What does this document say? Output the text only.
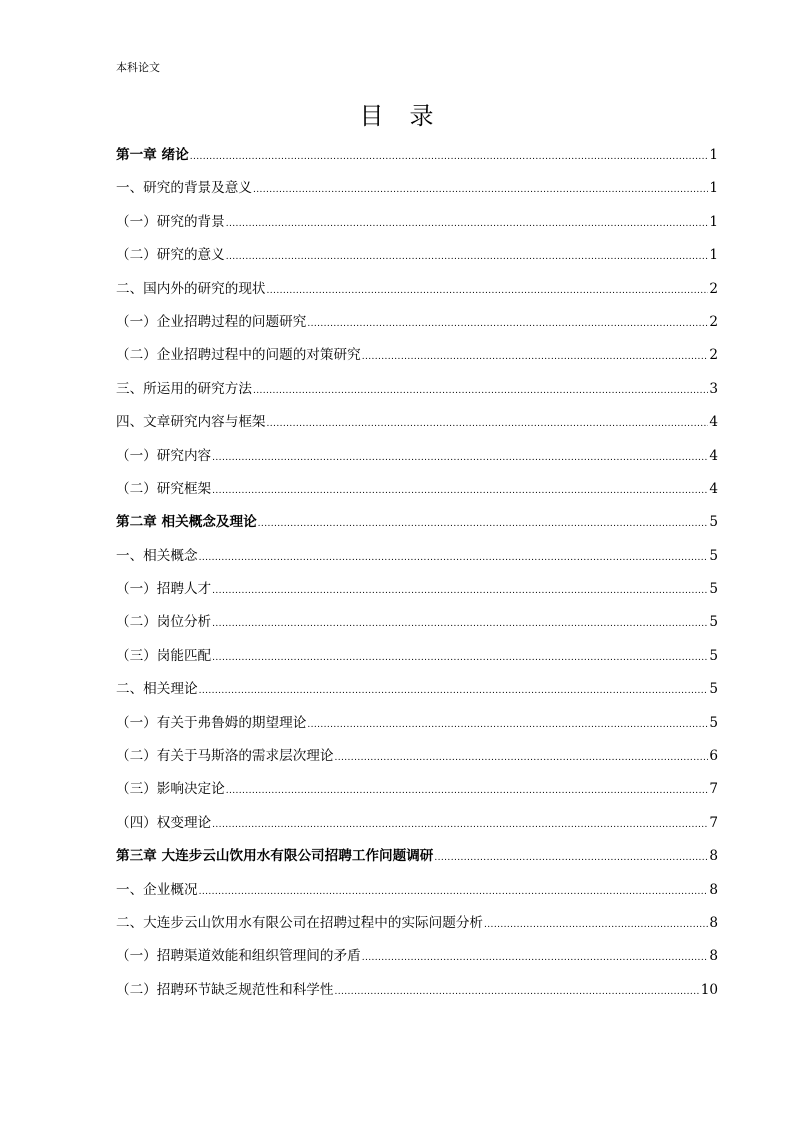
本科论文
目 录
第一章 绪论 .....	1
一、研究的背景及意义 .....	1
（一）研究的背景 .....	1
（二）研究的意义 .....	1
二、国内外的研究的现状 .....	2
（一）企业招聘过程的问题研究 .....	2
（二）企业招聘过程中的问题的对策研究 .....	2
三、所运用的研究方法 .....	3
四、文章研究内容与框架 .....	4
（一）研究内容 .....	4
（二）研究框架 .....	4
第二章 相关概念及理论 .....	5
一、相关概念 .....	5
（一）招聘人才 .....	5
（二）岗位分析 .....	5
（三）岗能匹配 .....	5
二、相关理论 .....	5
（一）有关于弗鲁姆的期望理论 .....	5
（二）有关于马斯洛的需求层次理论 .....	6
（三）影响决定论 .....	7
（四）权变理论 .....	7
第三章 大连步云山饮用水有限公司招聘工作问题调研 .....	8
一、企业概况 .....	8
二、大连步云山饮用水有限公司在招聘过程中的实际问题分析 .....	8
（一）招聘渠道效能和组织管理间的矛盾 .....	8
（二）招聘环节缺乏规范性和科学性 .....	10
